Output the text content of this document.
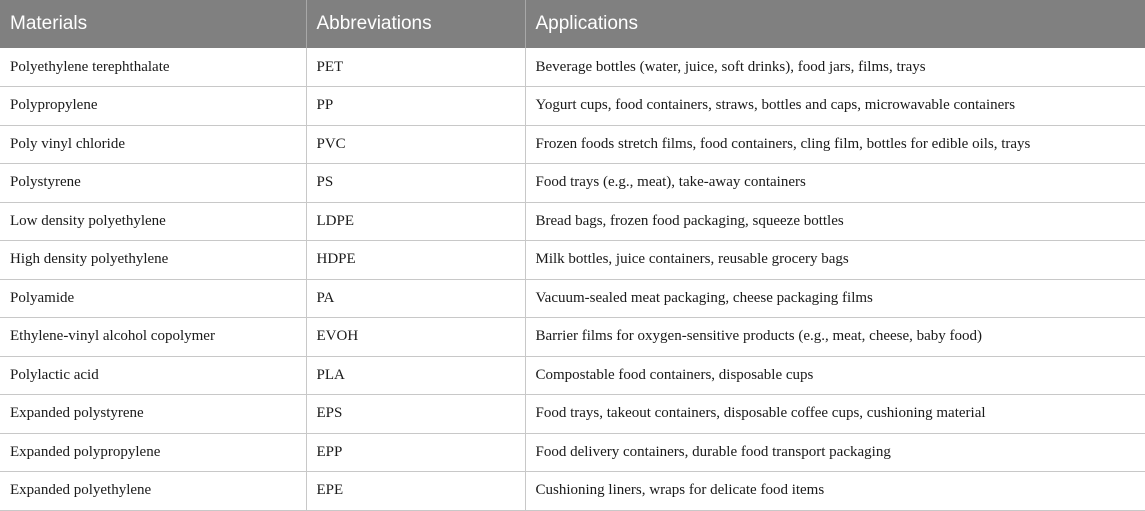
Materials	Abbreviations	Applications
Polyethylene terephthalate	PET	Beverage bottles (water, juice, soft drinks), food jars, films, trays
Polypropylene	PP	Yogurt cups, food containers, straws, bottles and caps, microwavable containers
Poly vinyl chloride	PVC	Frozen foods stretch films, food containers, cling film, bottles for edible oils, trays
Polystyrene	PS	Food trays (e.g., meat), take-away containers
Low density polyethylene	LDPE	Bread bags, frozen food packaging, squeeze bottles
High density polyethylene	HDPE	Milk bottles, juice containers, reusable grocery bags
Polyamide	PA	Vacuum-sealed meat packaging, cheese packaging films
Ethylene-vinyl alcohol copolymer	EVOH	Barrier films for oxygen-sensitive products (e.g., meat, cheese, baby food)
Polylactic acid	PLA	Compostable food containers, disposable cups
Expanded polystyrene	EPS	Food trays, takeout containers, disposable coffee cups, cushioning material
Expanded polypropylene	EPP	Food delivery containers, durable food transport packaging
Expanded polyethylene	EPE	Cushioning liners, wraps for delicate food items
